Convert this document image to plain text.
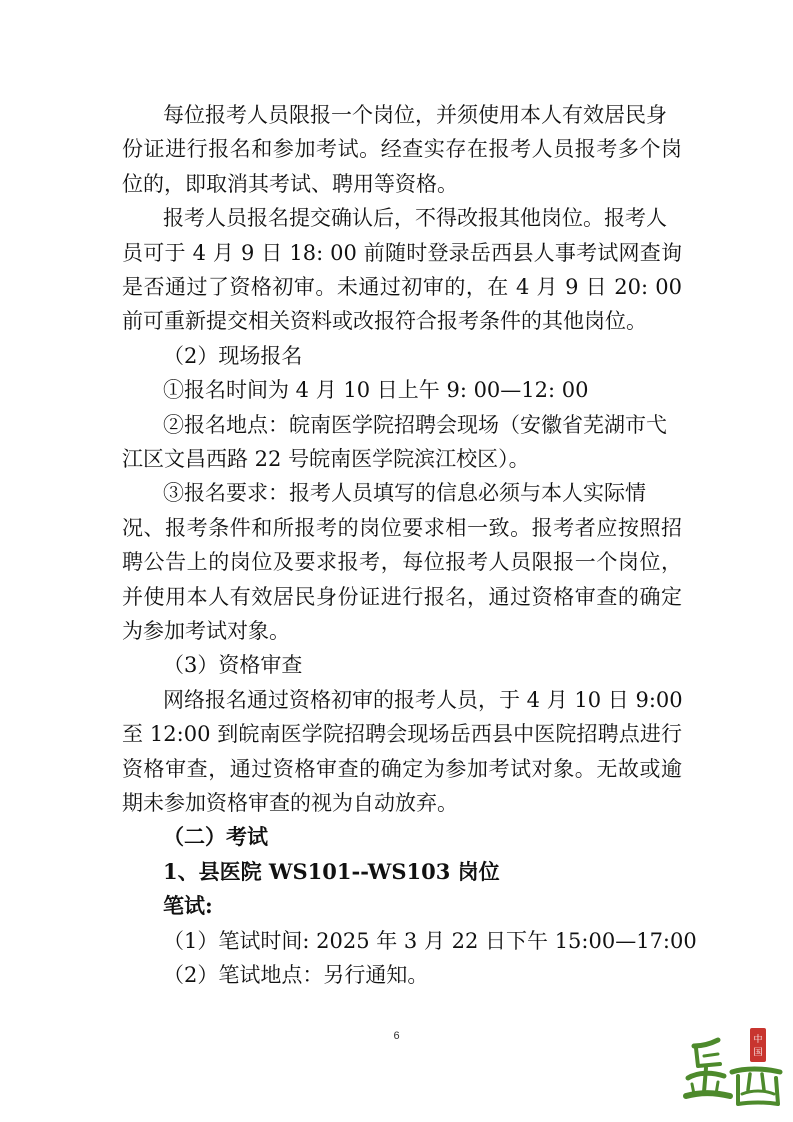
每位报考人员限报一个岗位，并须使用本人有效居民身
份证进行报名和参加考试。经查实存在报考人员报考多个岗
位的，即取消其考试、聘用等资格。
报考人员报名提交确认后，不得改报其他岗位。报考人
员可于 4 月 9 日 18: 00 前随时登录岳西县人事考试网查询
是否通过了资格初审。未通过初审的，在 4 月 9 日 20: 00
前可重新提交相关资料或改报符合报考条件的其他岗位。
（2）现场报名
①报名时间为 4 月 10 日上午 9: 00—12: 00
②报名地点：皖南医学院招聘会现场（安徽省芜湖市弋
江区文昌西路 22 号皖南医学院滨江校区）。
③报名要求：报考人员填写的信息必须与本人实际情
况、报考条件和所报考的岗位要求相一致。报考者应按照招
聘公告上的岗位及要求报考，每位报考人员限报一个岗位，
并使用本人有效居民身份证进行报名，通过资格审查的确定
为参加考试对象。
（3）资格审查
网络报名通过资格初审的报考人员，于 4 月 10 日 9:00
至 12:00 到皖南医学院招聘会现场岳西县中医院招聘点进行
资格审查，通过资格审查的确定为参加考试对象。无故或逾
期未参加资格审查的视为自动放弃。
（二）考试
1、县医院 WS101--WS103 岗位
笔试:
（1）笔试时间: 2025 年 3 月 22 日下午 15:00—17:00
（2）笔试地点：另行通知。
6	中
国
